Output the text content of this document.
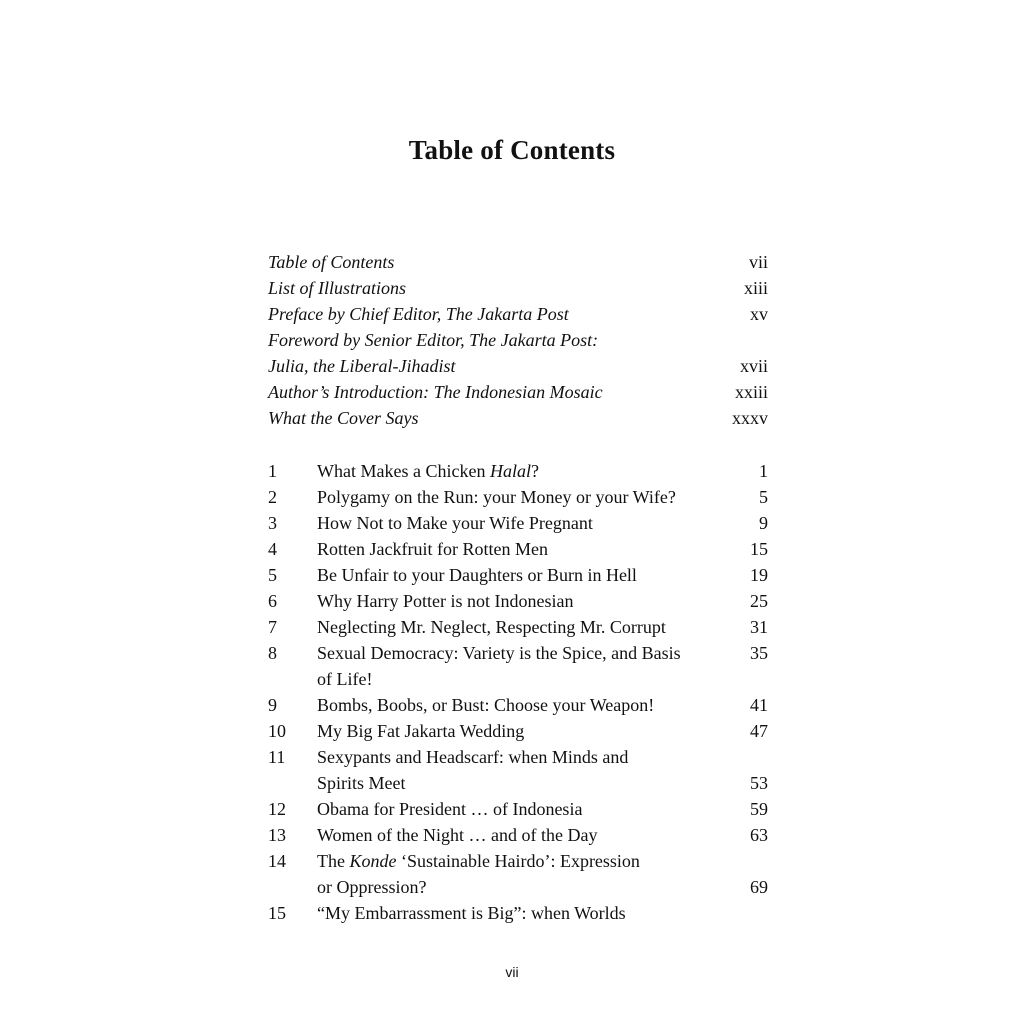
Table of Contents
Table of Contents	vii
List of Illustrations	xiii
Preface by Chief Editor, The Jakarta Post	xv
Foreword by Senior Editor, The Jakarta Post:
Julia, the Liberal-Jihadist	xvii
Author’s Introduction: The Indonesian Mosaic	xxiii
What the Cover Says	xxxv
1 What Makes a Chicken Halal?	1
2 Polygamy on the Run: your Money or your Wife?	5
3 How Not to Make your Wife Pregnant	9
4 Rotten Jackfruit for Rotten Men	15
5 Be Unfair to your Daughters or Burn in Hell	19
6 Why Harry Potter is not Indonesian	25
7 Neglecting Mr. Neglect, Respecting Mr. Corrupt	31
8 Sexual Democracy: Variety is the Spice, and Basis	35
of Life!
9 Bombs, Boobs, or Bust: Choose your Weapon!	41
10 My Big Fat Jakarta Wedding	47
11 Sexypants and Headscarf: when Minds and
Spirits Meet	53
12 Obama for President … of Indonesia	59
13 Women of the Night … and of the Day	63
14 The Konde ‘Sustainable Hairdo’: Expression
or Oppression?	69
15 “My Embarrassment is Big”: when Worlds
vii
